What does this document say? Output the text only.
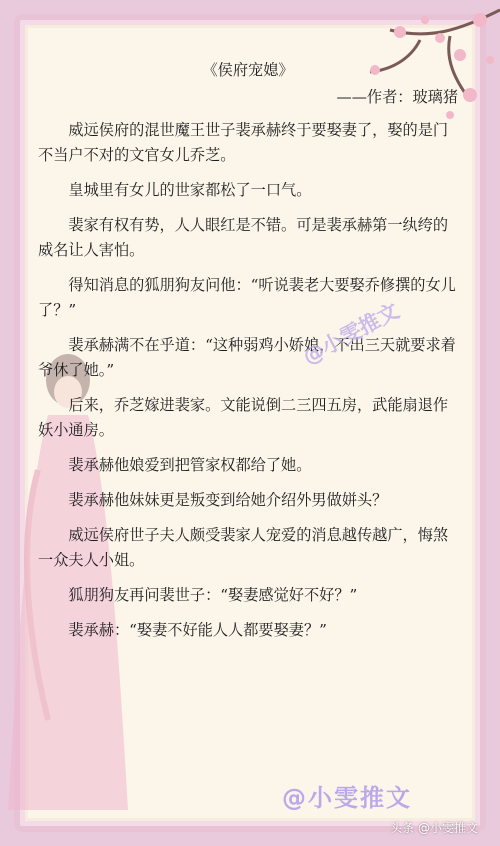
《侯府宠媳》
——作者：玻璃猪

威远侯府的混世魔王世子裴承赫终于要娶妻了，娶的是门不当户不对的文官女儿乔芝。

皇城里有女儿的世家都松了一口气。

裴家有权有势，人人眼红是不错。可是裴承赫第一纨绔的威名让人害怕。

得知消息的狐朋狗友问他：“听说裴老大要娶乔修撰的女儿了？”

裴承赫满不在乎道：“这种弱鸡小娇娘，不出三天就要求着爷休了她。”

后来，乔芝嫁进裴家。文能说倒二三四五房，武能扇退作妖小通房。

裴承赫他娘爱到把管家权都给了她。

裴承赫他妹妹更是叛变到给她介绍外男做姘头？

威远侯府世子夫人颇受裴家人宠爱的消息越传越广，悔煞一众夫人小姐。

狐朋狗友再问裴世子：“娶妻感觉好不好？”

裴承赫：“娶妻不好能人人都要娶妻？”

@小雯推文
@小雯推文
头条 @小雯推文
